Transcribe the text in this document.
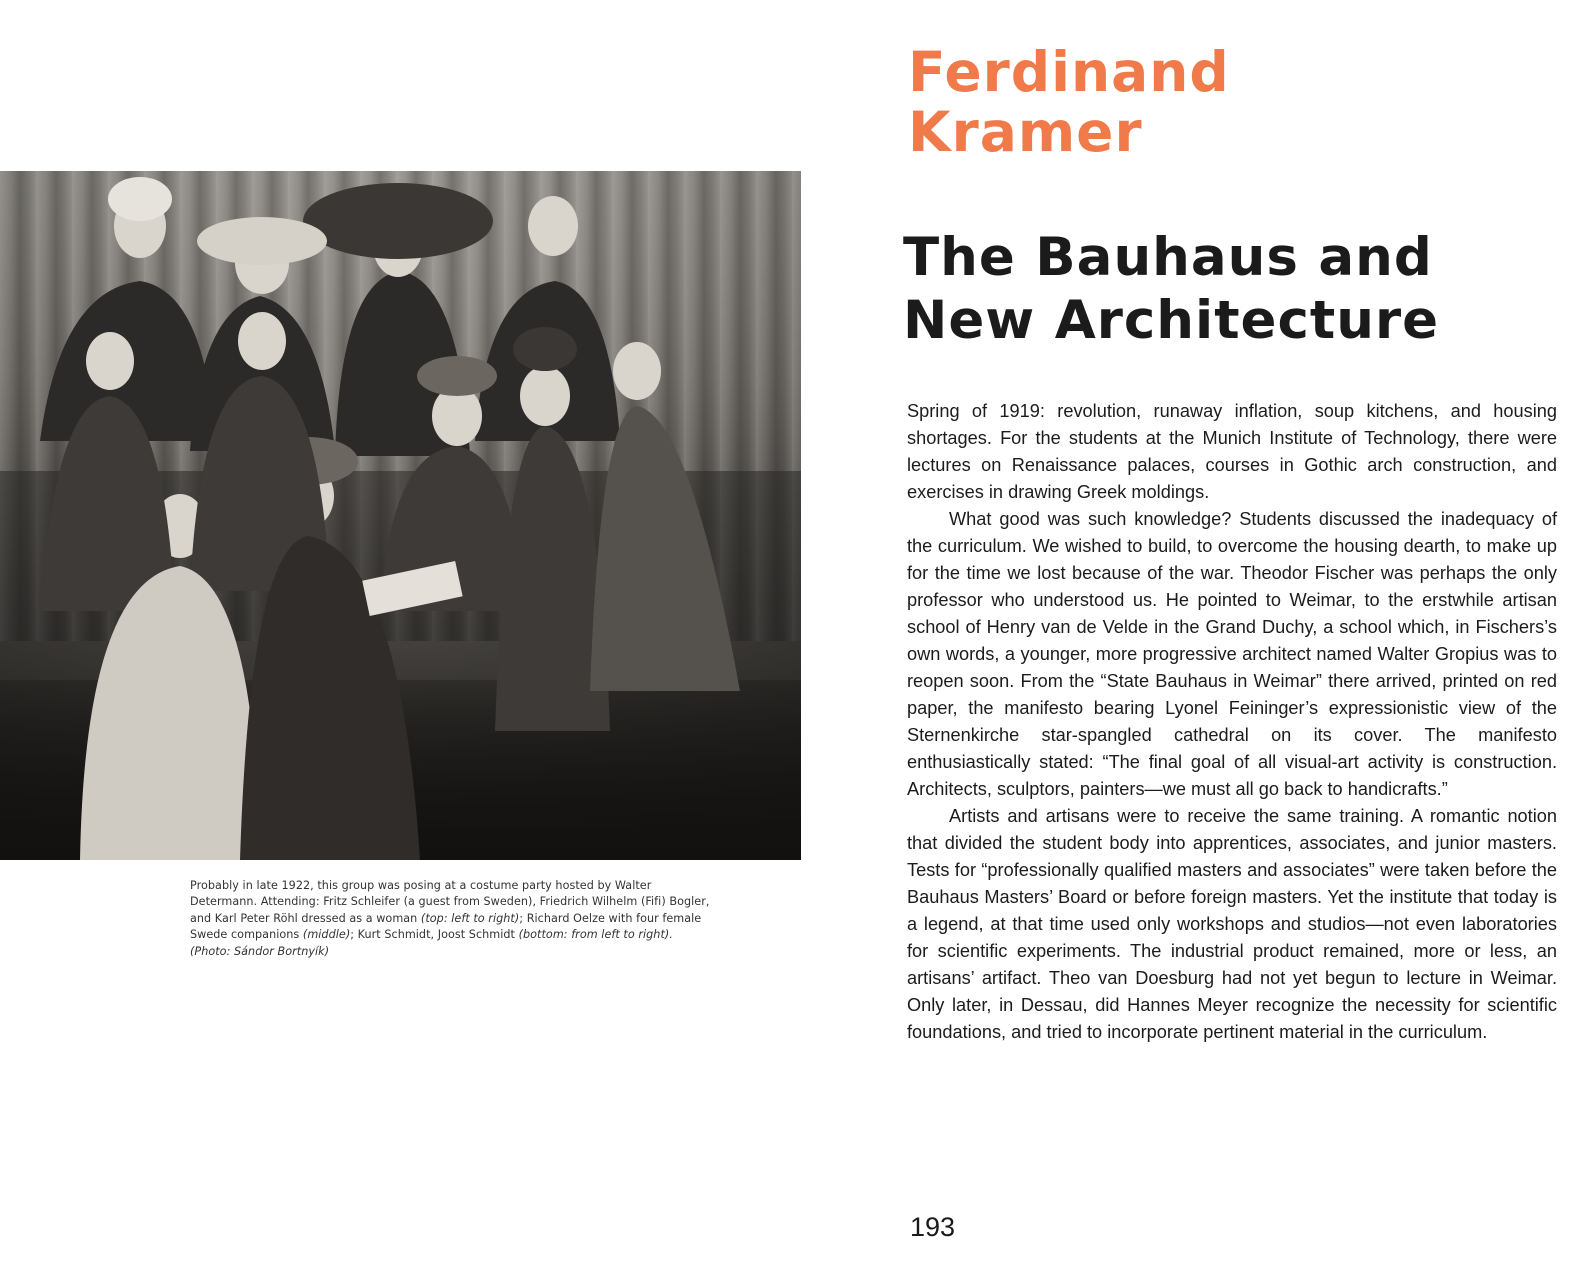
Probably in late 1922, this group was posing at a costume party hosted by Walter Determann. Attending: Fritz Schleifer (a guest from Sweden), Friedrich Wilhelm (Fifi) Bogler, and Karl Peter Röhl dressed as a woman (top: left to right); Richard Oelze with four female Swede companions (middle); Kurt Schmidt, Joost Schmidt (bottom: from left to right). (Photo: Sándor Bortnyík)
Ferdinand
Kramer
The Bauhaus and
New Architecture

Spring of 1919: revolution, runaway inflation, soup kitchens, and housing shortages. For the students at the Munich Institute of Technology, there were lectures on Renaissance palaces, courses in Gothic arch construction, and exercises in drawing Greek moldings.

What good was such knowledge? Students discussed the inadequacy of the curriculum. We wished to build, to overcome the housing dearth, to make up for the time we lost because of the war. Theodor Fischer was perhaps the only professor who understood us. He pointed to Weimar, to the erstwhile artisan school of Henry van de Velde in the Grand Duchy, a school which, in Fischers’s own words, a younger, more progressive architect named Walter Gropius was to reopen soon. From the “State Bauhaus in Weimar” there arrived, printed on red paper, the manifesto bearing Lyonel Feininger’s expressionistic view of the Sternenkirche star-spangled cathedral on its cover. The manifesto enthusiastically stated: “The final goal of all visual-art activity is construction. Architects, sculptors, painters—we must all go back to handicrafts.”

Artists and artisans were to receive the same training. A romantic notion that divided the student body into apprentices, associates, and junior masters. Tests for “professionally qualified masters and associates” were taken before the Bauhaus Masters’ Board or before foreign masters. Yet the institute that today is a legend, at that time used only workshops and studios—not even laboratories for scientific experiments. The industrial product remained, more or less, an artisans’ artifact. Theo van Doesburg had not yet begun to lecture in Weimar. Only later, in Dessau, did Hannes Meyer recognize the necessity for scientific foundations, and tried to incorporate pertinent material in the curriculum.

193
